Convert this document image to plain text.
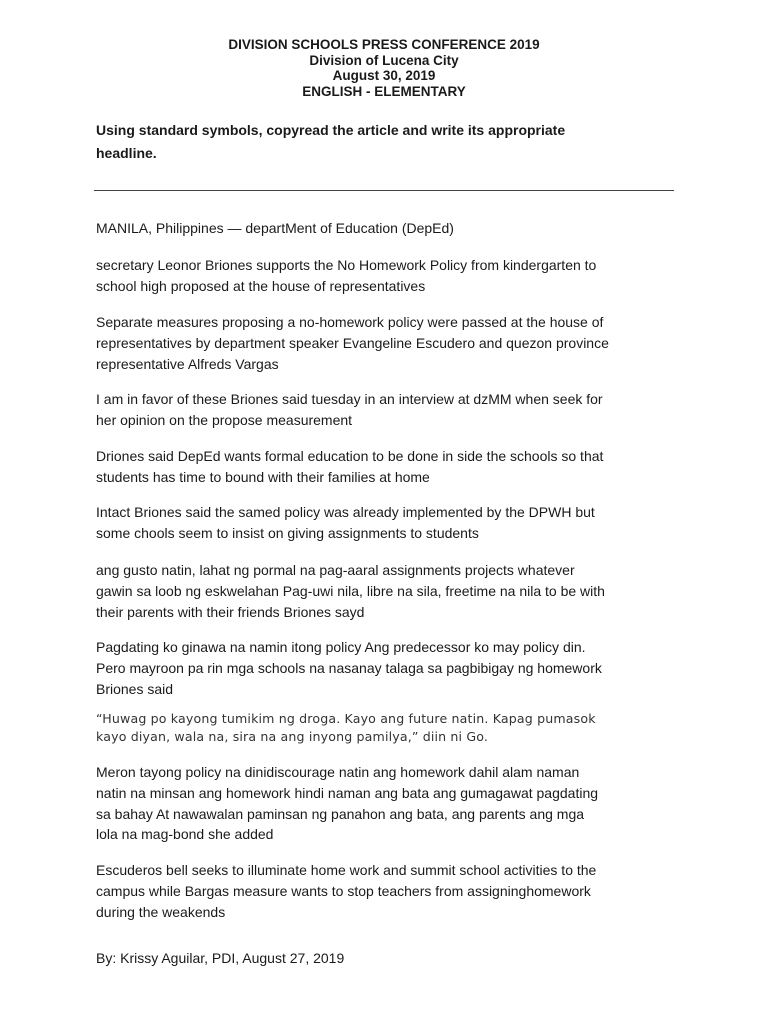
DIVISION SCHOOLS PRESS CONFERENCE 2019
Division of Lucena City
August 30, 2019
ENGLISH - ELEMENTARY
Using standard symbols, copyread the article and write its appropriate
headline.
MANILA, Philippines — departMent of Education (DepEd)
secretary Leonor Briones supports the No Homework Policy from kindergarten to
school high proposed at the house of representatives
Separate measures proposing a no-homework policy were passed at the house of
representatives by department speaker Evangeline Escudero and quezon province
representative Alfreds Vargas
I am in favor of these Briones said tuesday in an interview at dzMM when seek for
her opinion on the propose measurement
Driones said DepEd wants formal education to be done in side the schools so that
students has time to bound with their families at home
Intact Briones said the samed policy was already implemented by the DPWH but
some chools seem to insist on giving assignments to students
ang gusto natin, lahat ng pormal na pag-aaral assignments projects whatever
gawin sa loob ng eskwelahan Pag-uwi nila, libre na sila, freetime na nila to be with
their parents with their friends Briones sayd
Pagdating ko ginawa na namin itong policy Ang predecessor ko may policy din.
Pero mayroon pa rin mga schools na nasanay talaga sa pagbibigay ng homework
Briones said
“Huwag po kayong tumikim ng droga. Kayo ang future natin. Kapag pumasok
kayo diyan, wala na, sira na ang inyong pamilya,” diin ni Go.
Meron tayong policy na dinidiscourage natin ang homework dahil alam naman
natin na minsan ang homework hindi naman ang bata ang gumagawat pagdating
sa bahay At nawawalan paminsan ng panahon ang bata, ang parents ang mga
lola na mag-bond she added
Escuderos bell seeks to illuminate home work and summit school activities to the
campus while Bargas measure wants to stop teachers from assigninghomework
during the weakends
By: Krissy Aguilar, PDI, August 27, 2019
